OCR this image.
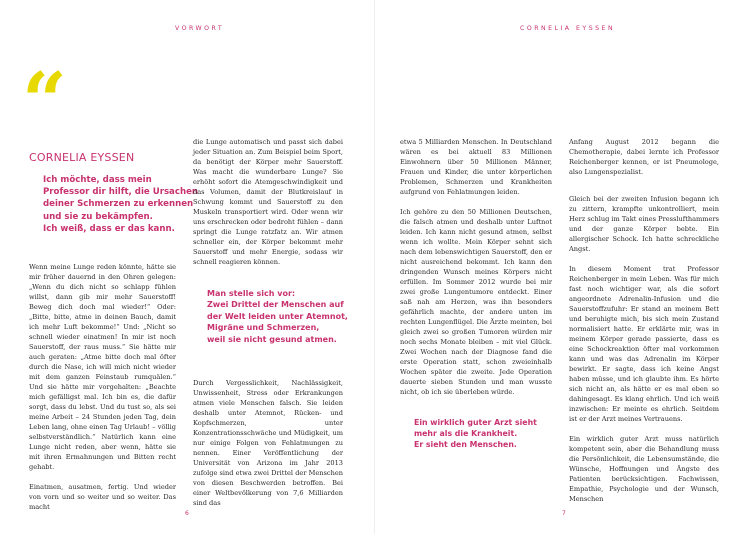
VORWORT
“
CORNELIA EYSSEN
Ich möchte, dass mein
Professor dir hilft, die Ursachen
deiner Schmerzen zu erkennen
und sie zu bekämpfen.
Ich weiß, dass er das kann.

Wenn meine Lunge reden könnte, hätte sie mir früher dauernd in den Ohren gelegen: „Wenn du dich nicht so schlapp fühlen willst, dann gib mir mehr Sauerstoff! Beweg dich doch mal wieder!“ Oder: „Bitte, bitte, atme in deinen Bauch, damit ich mehr Luft bekomme!“ Und: „Nicht so schnell wieder einatmen! In mir ist noch Sauerstoff, der raus muss.“ Sie hätte mir auch geraten: „Atme bitte doch mal öfter durch die Nase, ich will mich nicht wieder mit dem ganzen Feinstaub rumquälen.“ Und sie hätte mir vorgehalten: „Beachte mich gefälligst mal. Ich bin es, die dafür sorgt, dass du lebst. Und du tust so, als sei meine Arbeit – 24 Stunden jeden Tag, dein Leben lang, ohne einen Tag Urlaub! – völlig selbstverständlich.“ Natürlich kann eine Lunge nicht reden, aber wenn, hätte sie mit ihren Ermahnungen und Bitten recht gehabt.

Einatmen, ausatmen, fertig. Und wieder von vorn und so weiter und so weiter. Das macht

die Lunge automatisch und passt sich dabei jeder Situation an. Zum Beispiel beim Sport, da benötigt der Körper mehr Sauerstoff. Was macht die wunderbare Lunge? Sie erhöht sofort die Atemgeschwindigkeit und das Volumen, damit der Blutkreislauf in Schwung kommt und Sauerstoff zu den Muskeln transportiert wird. Oder wenn wir uns erschrecken oder bedroht fühlen – dann springt die Lunge ratzfatz an. Wir atmen schneller ein, der Körper bekommt mehr Sauerstoff und mehr Energie, sodass wir schnell reagieren können.

Man stelle sich vor:
Zwei Drittel der Menschen auf
der Welt leiden unter Atemnot,
Migräne und Schmerzen,
weil sie nicht gesund atmen.

Durch Vergesslichkeit, Nachlässigkeit, Unwissenheit, Stress oder Erkrankungen atmen viele Menschen falsch. Sie leiden deshalb unter Atemnot, Rücken- und Kopfschmerzen, unter Konzentrationsschwäche und Müdigkeit, um nur einige Folgen von Fehlatmungen zu nennen. Einer Veröffentlichung der Universität von Arizona im Jahr 2013 zufolge sind etwa zwei Drittel der Menschen von diesen Beschwerden betroffen. Bei einer Weltbevölkerung von 7,6 Milliarden sind das

6
CORNELIA EYSSEN

etwa 5 Milliarden Menschen. In Deutschland wären es bei aktuell 83 Millionen Einwohnern über 50 Millionen Männer, Frauen und Kinder, die unter körperlichen Problemen, Schmerzen und Krankheiten aufgrund von Fehlatmungen leiden.

Ich gehöre zu den 50 Millionen Deutschen, die falsch atmen und deshalb unter Luftnot leiden. Ich kann nicht gesund atmen, selbst wenn ich wollte. Mein Körper sehnt sich nach dem lebenswichtigen Sauerstoff, den er nicht ausreichend bekommt. Ich kann den dringenden Wunsch meines Körpers nicht erfüllen. Im Sommer 2012 wurde bei mir zwei große Lungentumore entdeckt. Einer saß nah am Herzen, was ihn besonders gefährlich machte, der andere unten im rechten Lungenflügel. Die Ärzte meinten, bei gleich zwei so großen Tumoren würden mir noch sechs Monate bleiben – mit viel Glück. Zwei Wochen nach der Diagnose fand die erste Operation statt, schon zweieinhalb Wochen später die zweite. Jede Operation dauerte sieben Stunden und man wusste nicht, ob ich sie überleben würde.

Ein wirklich guter Arzt sieht
mehr als die Krankheit.
Er sieht den Menschen.

Anfang August 2012 begann die Chemotherapie, dabei lernte ich Professor Reichenberger kennen, er ist Pneumologe, also Lungenspezialist.

Gleich bei der zweiten Infusion begann ich zu zittern, krampfte unkontrolliert, mein Herz schlug im Takt eines Presslufthammers und der ganze Körper bebte. Ein allergischer Schock. Ich hatte schreckliche Angst.

In diesem Moment trat Professor Reichenberger in mein Leben. Was für mich fast noch wichtiger war, als die sofort angeordnete Adrenalin-Infusion und die Sauerstoffzufuhr: Er stand an meinem Bett und beruhigte mich, bis sich mein Zustand normalisiert hatte. Er erklärte mir, was in meinem Körper gerade passierte, dass es eine Schockreaktion öfter mal vorkommen kann und was das Adrenalin im Körper bewirkt. Er sagte, dass ich keine Angst haben müsse, und ich glaubte ihm. Es hörte sich nicht an, als hätte er es mal eben so dahingesagt. Es klang ehrlich. Und ich weiß inzwischen: Er meinte es ehrlich. Seitdem ist er der Arzt meines Vertrauens.

Ein wirklich guter Arzt muss natürlich kompetent sein, aber die Behandlung muss die Persönlichkeit, die Lebensumstände, die Wünsche, Hoffnungen und Ängste des Patienten berücksichtigen. Fachwissen, Empathie, Psychologie und der Wunsch, Menschen

7
